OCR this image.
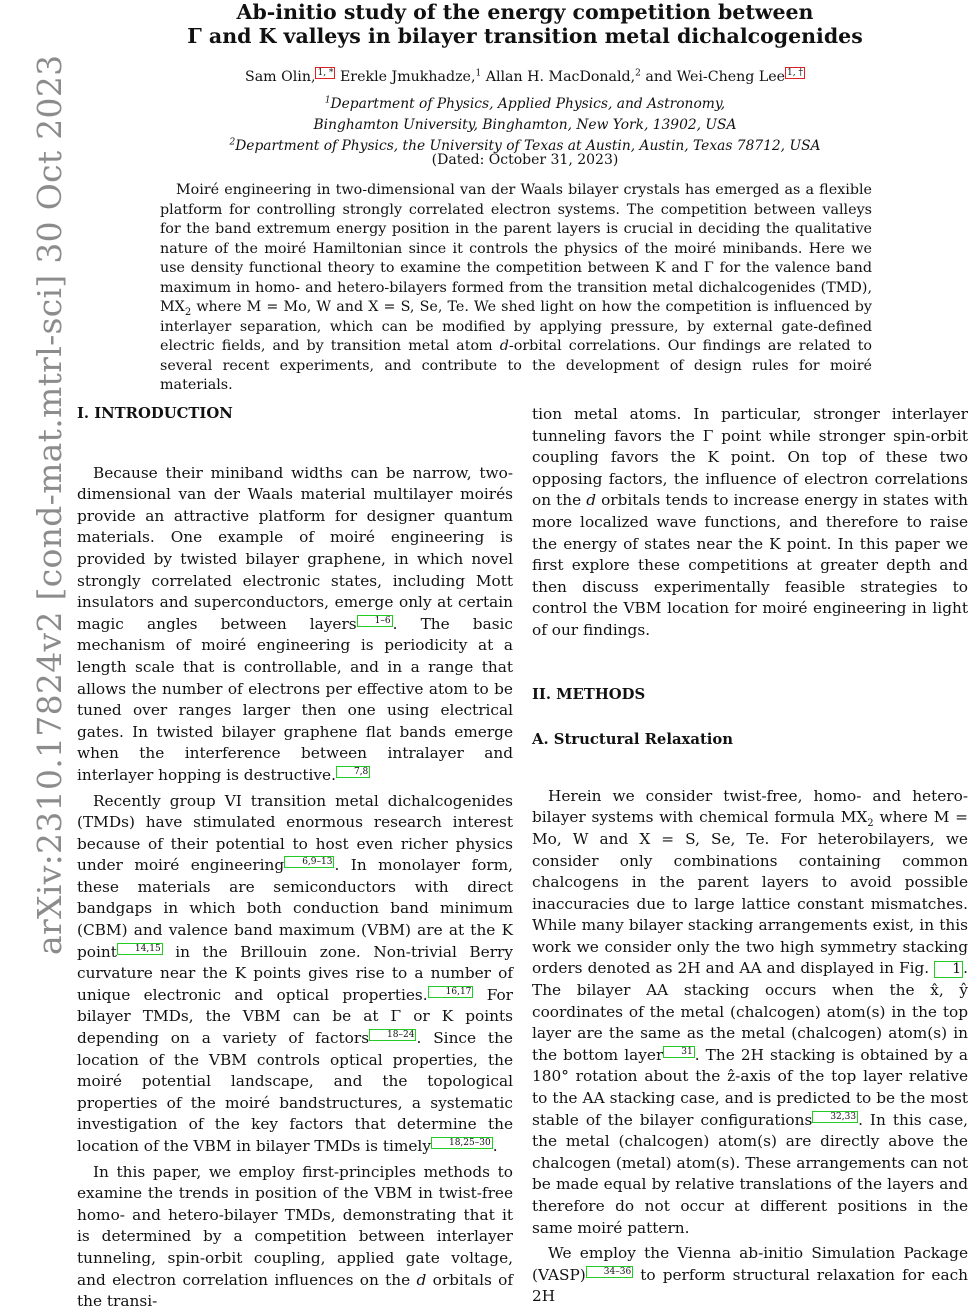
arXiv:2310.17824v2 [cond-mat.mtrl-sci] 30 Oct 2023
Ab-initio study of the energy competition between
Γ and K valleys in bilayer transition metal dichalcogenides
Sam Olin, 1, * Erekle Jmukhadze,$^1$ Allan H. MacDonald,$^2$ and Wei-Cheng Lee 1, †
$^1$Department of Physics, Applied Physics, and Astronomy,
Binghamton University, Binghamton, New York, 13902, USA
$^2$Department of Physics, the University of Texas at Austin, Austin, Texas 78712, USA
(Dated: October 31, 2023)

Moiré engineering in two-dimensional van der Waals bilayer crystals has emerged as a flexible platform for controlling strongly correlated electron systems. The competition between valleys for the band extremum energy position in the parent layers is crucial in deciding the qualitative nature of the moiré Hamiltonian since it controls the physics of the moiré minibands. Here we use density functional theory to examine the competition between K and Γ for the valence band maximum in homo- and hetero-bilayers formed from the transition metal dichalcogenides (TMD), $MX_2$ where M = Mo, W and X = S, Se, Te. We shed light on how the competition is influenced by interlayer separation, which can be modified by applying pressure, by external gate-defined electric fields, and by transition metal atom d-orbital correlations. Our findings are related to several recent experiments, and contribute to the development of design rules for moiré materials.

I. INTRODUCTION

Because their miniband widths can be narrow, two-dimensional van der Waals material multilayer moirés provide an attractive platform for designer quantum materials. One example of moiré engineering is provided by twisted bilayer graphene, in which novel strongly correlated electronic states, including Mott insulators and superconductors, emerge only at certain magic angles between layers 1–6 . The basic mechanism of moiré engineering is periodicity at a length scale that is controllable, and in a range that allows the number of electrons per effective atom to be tuned over ranges larger then one using electrical gates. In twisted bilayer graphene flat bands emerge when the interference between intralayer and interlayer hopping is destructive. 7,8

Recently group VI transition metal dichalcogenides (TMDs) have stimulated enormous research interest because of their potential to host even richer physics under moiré engineering 6,9–13 . In monolayer form, these materials are semiconductors with direct bandgaps in which both conduction band minimum (CBM) and valence band maximum (VBM) are at the K point 14,15 in the Brillouin zone. Non-trivial Berry curvature near the K points gives rise to a number of unique electronic and optical properties. 16,17 For bilayer TMDs, the VBM can be at Γ or K points depending on a variety of factors 18–24 . Since the location of the VBM controls optical properties, the moiré potential landscape, and the topological properties of the moiré bandstructures, a systematic investigation of the key factors that determine the location of the VBM in bilayer TMDs is timely 18,25–30 .

In this paper, we employ first-principles methods to examine the trends in position of the VBM in twist-free homo- and hetero-bilayer TMDs, demonstrating that it is determined by a competition between interlayer tunneling, spin-orbit coupling, applied gate voltage, and electron correlation influences on the d orbitals of the transi-

tion metal atoms. In particular, stronger interlayer tunneling favors the Γ point while stronger spin-orbit coupling favors the K point. On top of these two opposing factors, the influence of electron correlations on the d orbitals tends to increase energy in states with more localized wave functions, and therefore to raise the energy of states near the K point. In this paper we first explore these competitions at greater depth and then discuss experimentally feasible strategies to control the VBM location for moiré engineering in light of our findings.

II. METHODS

A. Structural Relaxation

Herein we consider twist-free, homo- and hetero- bilayer systems with chemical formula $MX_2$ where M = Mo, W and X = S, Se, Te. For heterobilayers, we consider only combinations containing common chalcogens in the parent layers to avoid possible inaccuracies due to large lattice constant mismatches. While many bilayer stacking arrangements exist, in this work we consider only the two high symmetry stacking orders denoted as 2H and AA and displayed in Fig. 1 . The bilayer AA stacking occurs when the x̂, ŷ coordinates of the metal (chalcogen) atom(s) in the top layer are the same as the metal (chalcogen) atom(s) in the bottom layer 31 . The 2H stacking is obtained by a 180° rotation about the ẑ-axis of the top layer relative to the AA stacking case, and is predicted to be the most stable of the bilayer configurations 32,33 . In this case, the metal (chalcogen) atom(s) are directly above the chalcogen (metal) atom(s). These arrangements can not be made equal by relative translations of the layers and therefore do not occur at different positions in the same moiré pattern.

We employ the Vienna ab-initio Simulation Package (VASP) 34–36 to perform structural relaxation for each 2H
